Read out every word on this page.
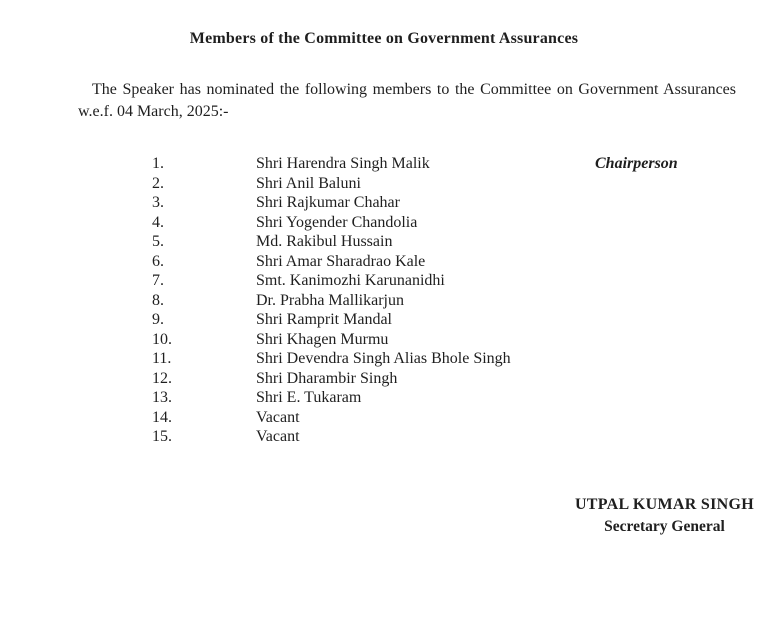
Members of the Committee on Government Assurances
The Speaker has nominated the following members to the Committee on Government Assurances
w.e.f. 04 March, 2025:-
1.	Shri Harendra Singh Malik	Chairperson
2.	Shri Anil Baluni
3.	Shri Rajkumar Chahar
4.	Shri Yogender Chandolia
5.	Md. Rakibul Hussain
6.	Shri Amar Sharadrao Kale
7.	Smt. Kanimozhi Karunanidhi
8.	Dr. Prabha Mallikarjun
9.	Shri Ramprit Mandal
10.	Shri Khagen Murmu
11.	Shri Devendra Singh Alias Bhole Singh
12.	Shri Dharambir Singh
13.	Shri E. Tukaram
14.	Vacant
15.	Vacant
UTPAL KUMAR SINGH
Secretary General
